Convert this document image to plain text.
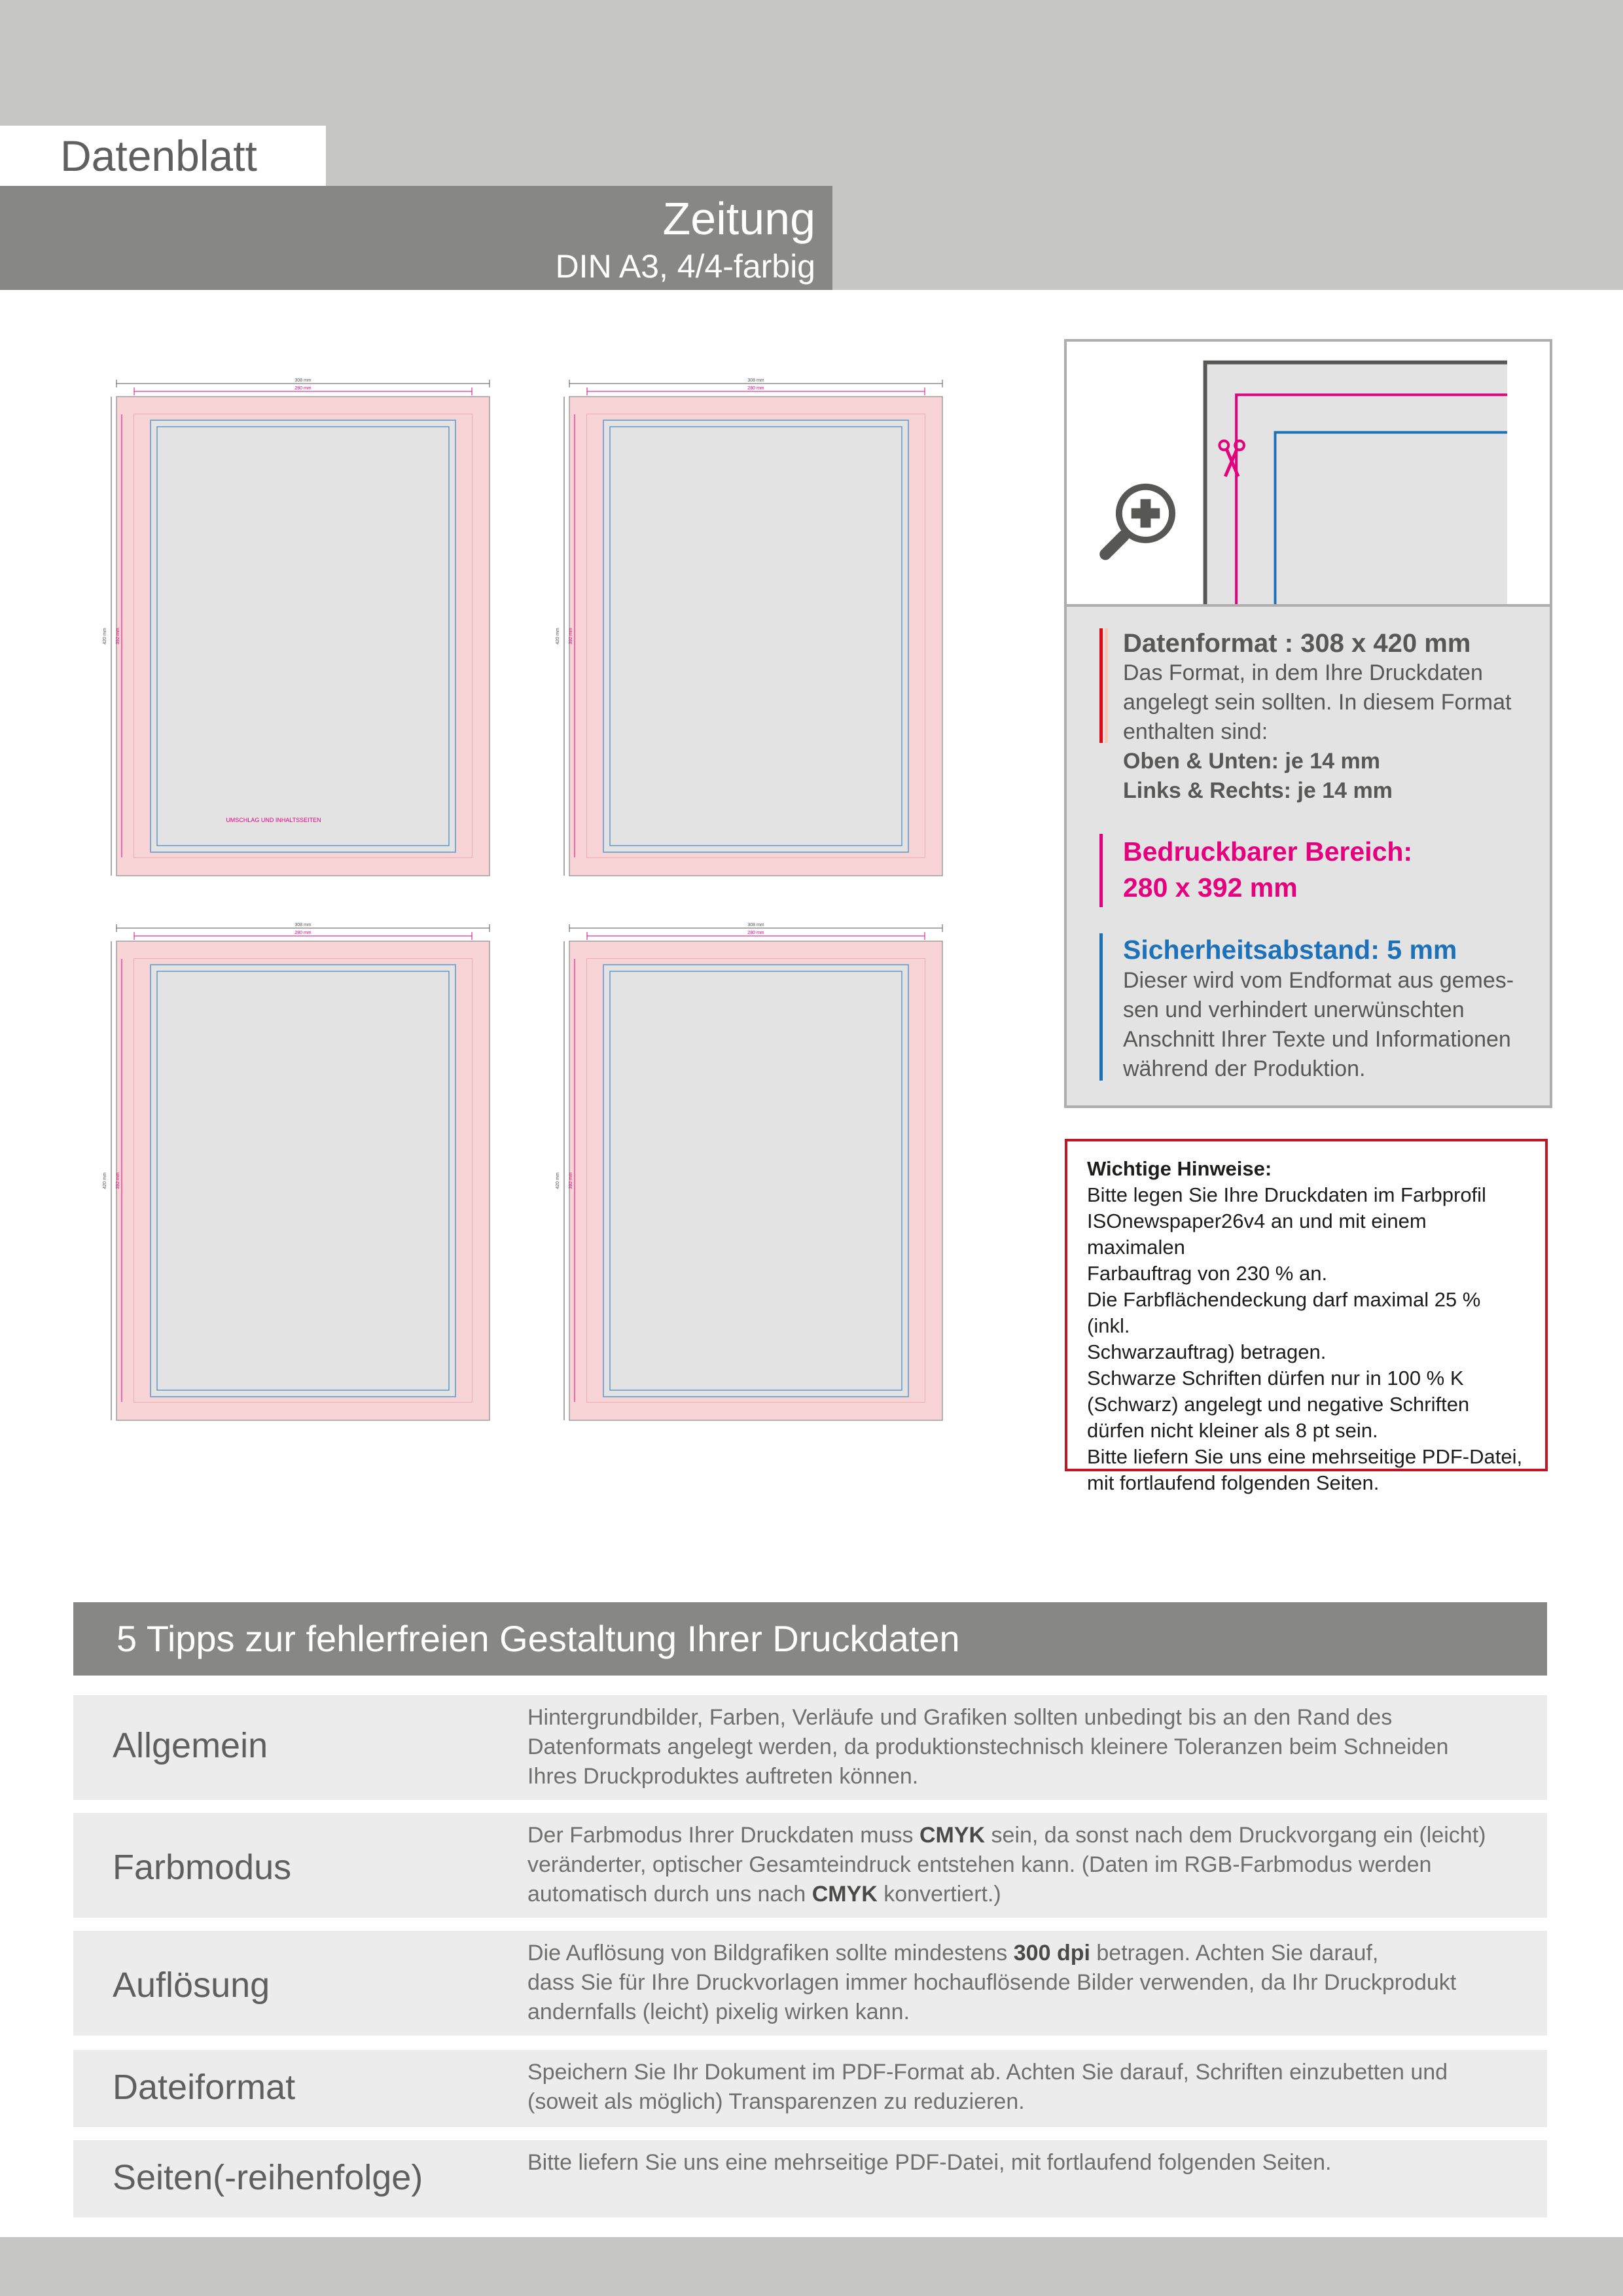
Datenblatt
Zeitung
DIN A3, 4/4-farbig
308 mm
280 mm
420 mm 392 mm
UMSCHLAG UND INHALTSSEITEN
308 mm
280 mm
420 mm 392 mm
308 mm
280 mm
420 mm 392 mm
308 mm
280 mm
420 mm 392 mm
Datenformat : 308 x 420 mm
Das Format, in dem Ihre Druckdaten
angelegt sein sollten. In diesem Format
enthalten sind:
Oben & Unten: je 14 mm
Links & Rechts: je 14 mm
Bedruckbarer Bereich:
280 x 392 mm
Sicherheitsabstand: 5 mm
Dieser wird vom Endformat aus gemes-
sen und verhindert unerwünschten
Anschnitt Ihrer Texte und Informationen
während der Produktion.
Wichtige Hinweise:
Bitte legen Sie Ihre Druckdaten im Farbprofil
ISOnewspaper26v4 an und mit einem maximalen
Farbauftrag von 230 % an.
Die Farbflächendeckung darf maximal 25 % (inkl.
Schwarzauftrag) betragen.
Schwarze Schriften dürfen nur in 100 % K
(Schwarz) angelegt und negative Schriften
dürfen nicht kleiner als 8 pt sein.
Bitte liefern Sie uns eine mehrseitige PDF-Datei,
mit fortlaufend folgenden Seiten.
5 Tipps zur fehlerfreien Gestaltung Ihrer Druckdaten
Allgemein
Hintergrundbilder, Farben, Verläufe und Grafiken sollten unbedingt bis an den Rand des
Datenformats angelegt werden, da produktionstechnisch kleinere Toleranzen beim Schneiden
Ihres Druckproduktes auftreten können.
Farbmodus
Der Farbmodus Ihrer Druckdaten muss CMYK sein, da sonst nach dem Druckvorgang ein (leicht)
veränderter, optischer Gesamteindruck entstehen kann. (Daten im RGB-Farbmodus werden
automatisch durch uns nach CMYK konvertiert.)
Auflösung
Die Auflösung von Bildgrafiken sollte mindestens 300 dpi betragen. Achten Sie darauf,
dass Sie für Ihre Druckvorlagen immer hochauflösende Bilder verwenden, da Ihr Druckprodukt
andernfalls (leicht) pixelig wirken kann.
Dateiformat	Speichern Sie Ihr Dokument im PDF-Format ab. Achten Sie darauf, Schriften einzubetten und
(soweit als möglich) Transparenzen zu reduzieren.
Seiten(-reihenfolge)	Bitte liefern Sie uns eine mehrseitige PDF-Datei, mit fortlaufend folgenden Seiten.
